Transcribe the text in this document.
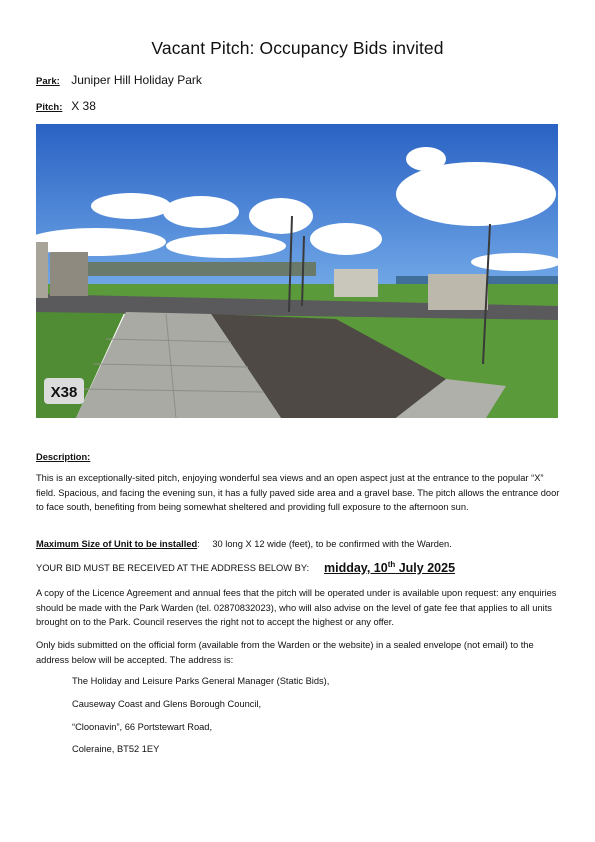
Vacant Pitch: Occupancy Bids invited
Park: Juniper Hill Holiday Park
Pitch: X 38
X38
Description:
This is an exceptionally-sited pitch, enjoying wonderful sea views and an open aspect just at the entrance to the popular “X” field. Spacious, and facing the evening sun, it has a fully paved side area and a gravel base. The pitch allows the entrance door to face south, benefiting from being somewhat sheltered and providing full exposure to the afternoon sun.
Maximum Size of Unit to be installed: 30 long X 12 wide (feet), to be confirmed with the Warden.
YOUR BID MUST BE RECEIVED AT THE ADDRESS BELOW BY: midday, 10th July 2025
A copy of the Licence Agreement and annual fees that the pitch will be operated under is available upon request: any enquiries should be made with the Park Warden (tel. 02870832023), who will also advise on the level of gate fee that applies to all units brought on to the Park. Council reserves the right not to accept the highest or any offer.
Only bids submitted on the official form (available from the Warden or the website) in a sealed envelope (not email) to the address below will be accepted. The address is:
The Holiday and Leisure Parks General Manager (Static Bids),
Causeway Coast and Glens Borough Council,
“Cloonavin”, 66 Portstewart Road,
Coleraine, BT52 1EY
